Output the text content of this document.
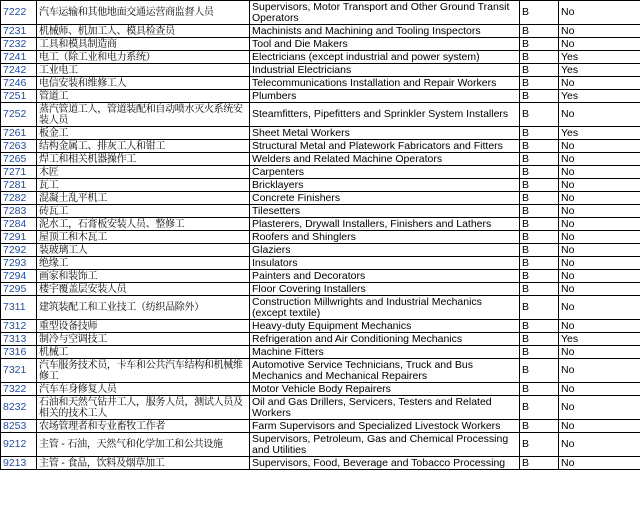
7222	汽车运输和其他地面交通运营商监督人员	Supervisors, Motor Transport and Other Ground Transit Operators	B	No
7231	机械师、机加工人、模具检查员	Machinists and Machining and Tooling Inspectors	B	No
7232	工具和模具制造商	Tool and Die Makers	B	No
7241	电工（除工业和电力系统）	Electricians (except industrial and power system)	B	Yes
7242	工业电工	Industrial Electricians	B	Yes
7246	电信安装和维修工人	Telecommunications Installation and Repair Workers	B	No
7251	管道工	Plumbers	B	Yes
7252	蒸汽管道工人，管道装配和自动喷水灭火系统安装人员	Steamfitters, Pipefitters and Sprinkler System Installers	B	No
7261	板金工	Sheet Metal Workers	B	Yes
7263	结构金属工、排灰工人和钳工	Structural Metal and Platework Fabricators and Fitters	B	No
7265	焊工和相关机器操作工	Welders and Related Machine Operators	B	No
7271	木匠	Carpenters	B	No
7281	瓦工	Bricklayers	B	No
7282	混凝土乱平机工	Concrete Finishers	B	No
7283	砖瓦工	Tilesetters	B	No
7284	泥水工，石膏板安装人员、整修工	Plasterers, Drywall Installers, Finishers and Lathers	B	No
7291	屋顶工和木瓦工	Roofers and Shinglers	B	No
7292	装玻璃工人	Glaziers	B	No
7293	绝缘工	Insulators	B	No
7294	画家和装饰工	Painters and Decorators	B	No
7295	楼宇覆盖层安装人员	Floor Covering Installers	B	No
7311	建筑装配工和工业技工（纺织品除外）	Construction Millwrights and Industrial Mechanics (except textile)	B	No
7312	重型设备技师	Heavy-duty Equipment Mechanics	B	No
7313	制冷与空调技工	Refrigeration and Air Conditioning Mechanics	B	Yes
7316	机械工	Machine Fitters	B	No
7321	汽车服务技术员，卡车和公共汽车结构和机械维修工	Automotive Service Technicians, Truck and Bus Mechanics and Mechanical Repairers	B	No
7322	汽车车身修复人员	Motor Vehicle Body Repairers	B	No
8232	石油和天然气钻井工人，服务人员，测试人员及相关的技术工人	Oil and Gas Drillers, Servicers, Testers and Related Workers	B	No
8253	农场管理者和专业畜牧工作者	Farm Supervisors and Specialized Livestock Workers	B	No
9212	主管 - 石油，天然气和化学加工和公共设施	Supervisors, Petroleum, Gas and Chemical Processing and Utilities	B	No
9213	主管 - 食品，饮料及烟草加工	Supervisors, Food, Beverage and Tobacco Processing	B	No
